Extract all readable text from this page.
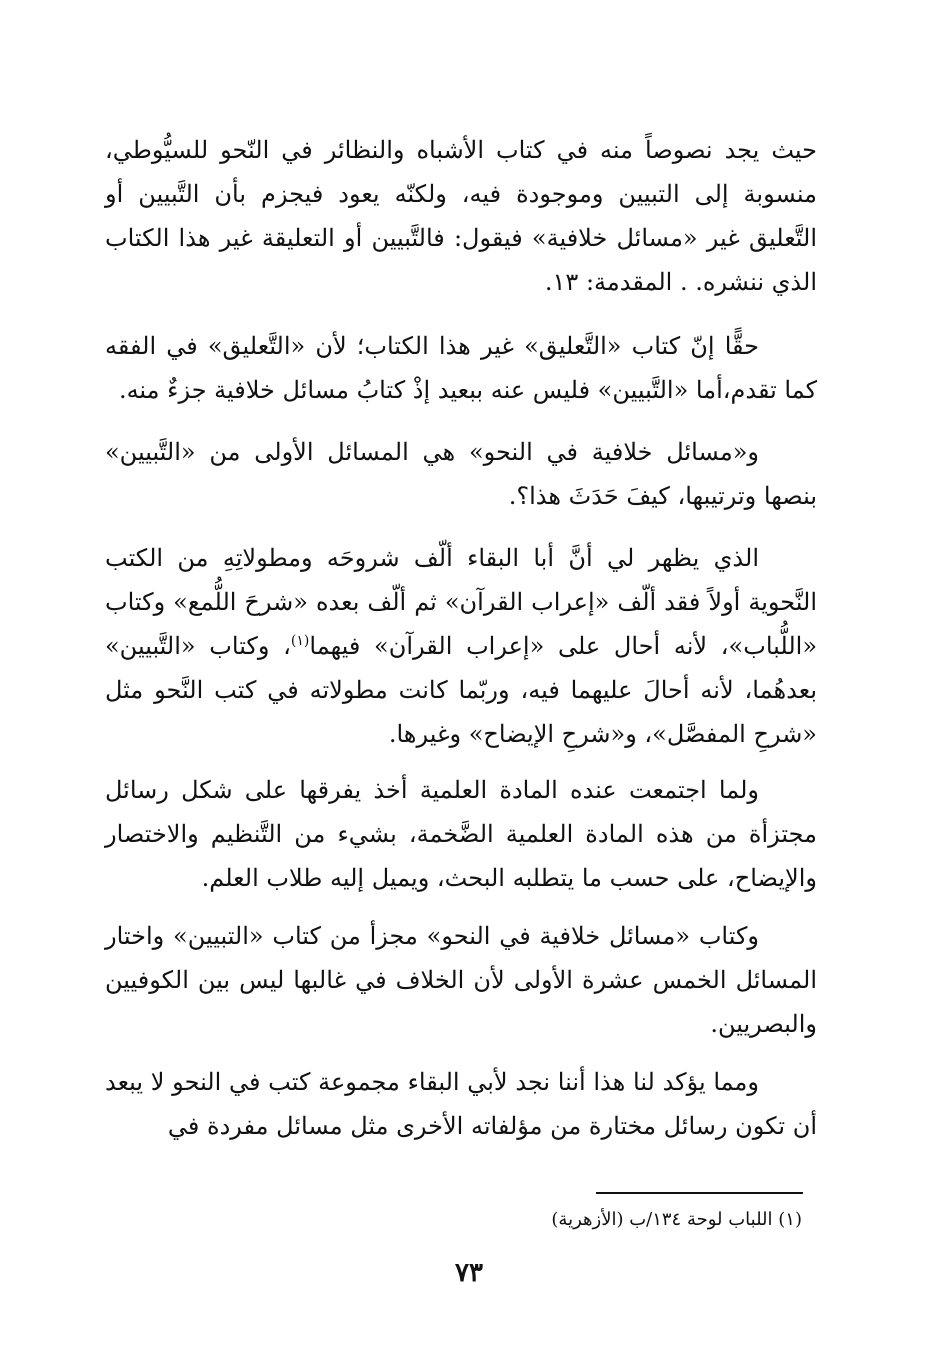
حيث يجد نصوصاً منه في كتاب الأشباه والنظائر في النّحو للسيُّوطي، منسوبة إلى التبيين وموجودة فيه، ولكنّه يعود فيجزم بأن التَّبيين أو التَّعليق غير «مسائل خلافية» فيقول: فالتَّبيين أو التعليقة غير هذا الكتاب الذي ننشره. . المقدمة: ١٣.

حقًّا إنّ كتاب «التَّعليق» غير هذا الكتاب؛ لأن «التَّعليق» في الفقه كما تقدم،أما «التَّبيين» فليس عنه ببعيد إذْ كتابُ مسائل خلافية جزءٌ منه.

و«مسائل خلافية في النحو» هي المسائل الأولى من «التَّبيين» بنصها وترتيبها، كيفَ حَدَثَ هذا؟.

الذي يظهر لي أنَّ أبا البقاء ألّف شروحَه ومطولاتِهِ من الكتب النَّحوية أولاً فقد ألّف «إعراب القرآن» ثم ألّف بعده «شرحَ اللُّمع» وكتاب «اللُّباب»، لأنه أحال على «إعراب القرآن» فيهما$^{(١)}$، وكتاب «التَّبيين» بعدهُما، لأنه أحالَ عليهما فيه، وربّما كانت مطولاته في كتب النَّحو مثل «شرحِ المفصَّل»، و«شرحِ الإيضاح» وغيرها.

ولما اجتمعت عنده المادة العلمية أخذ يفرقها على شكل رسائل مجتزأة من هذه المادة العلمية الضَّخمة، بشيء من التَّنظيم والاختصار والإيضاح، على حسب ما يتطلبه البحث، ويميل إليه طلاب العلم.

وكتاب «مسائل خلافية في النحو» مجزأ من كتاب «التبيين» واختار المسائل الخمس عشرة الأولى لأن الخلاف في غالبها ليس بين الكوفيين والبصريين.

ومما يؤكد لنا هذا أننا نجد لأبي البقاء مجموعة كتب في النحو لا يبعد أن تكون رسائل مختارة من مؤلفاته الأخرى مثل مسائل مفردة في

(١) اللباب لوحة ١٣٤/ب (الأزهرية)
٧٣
